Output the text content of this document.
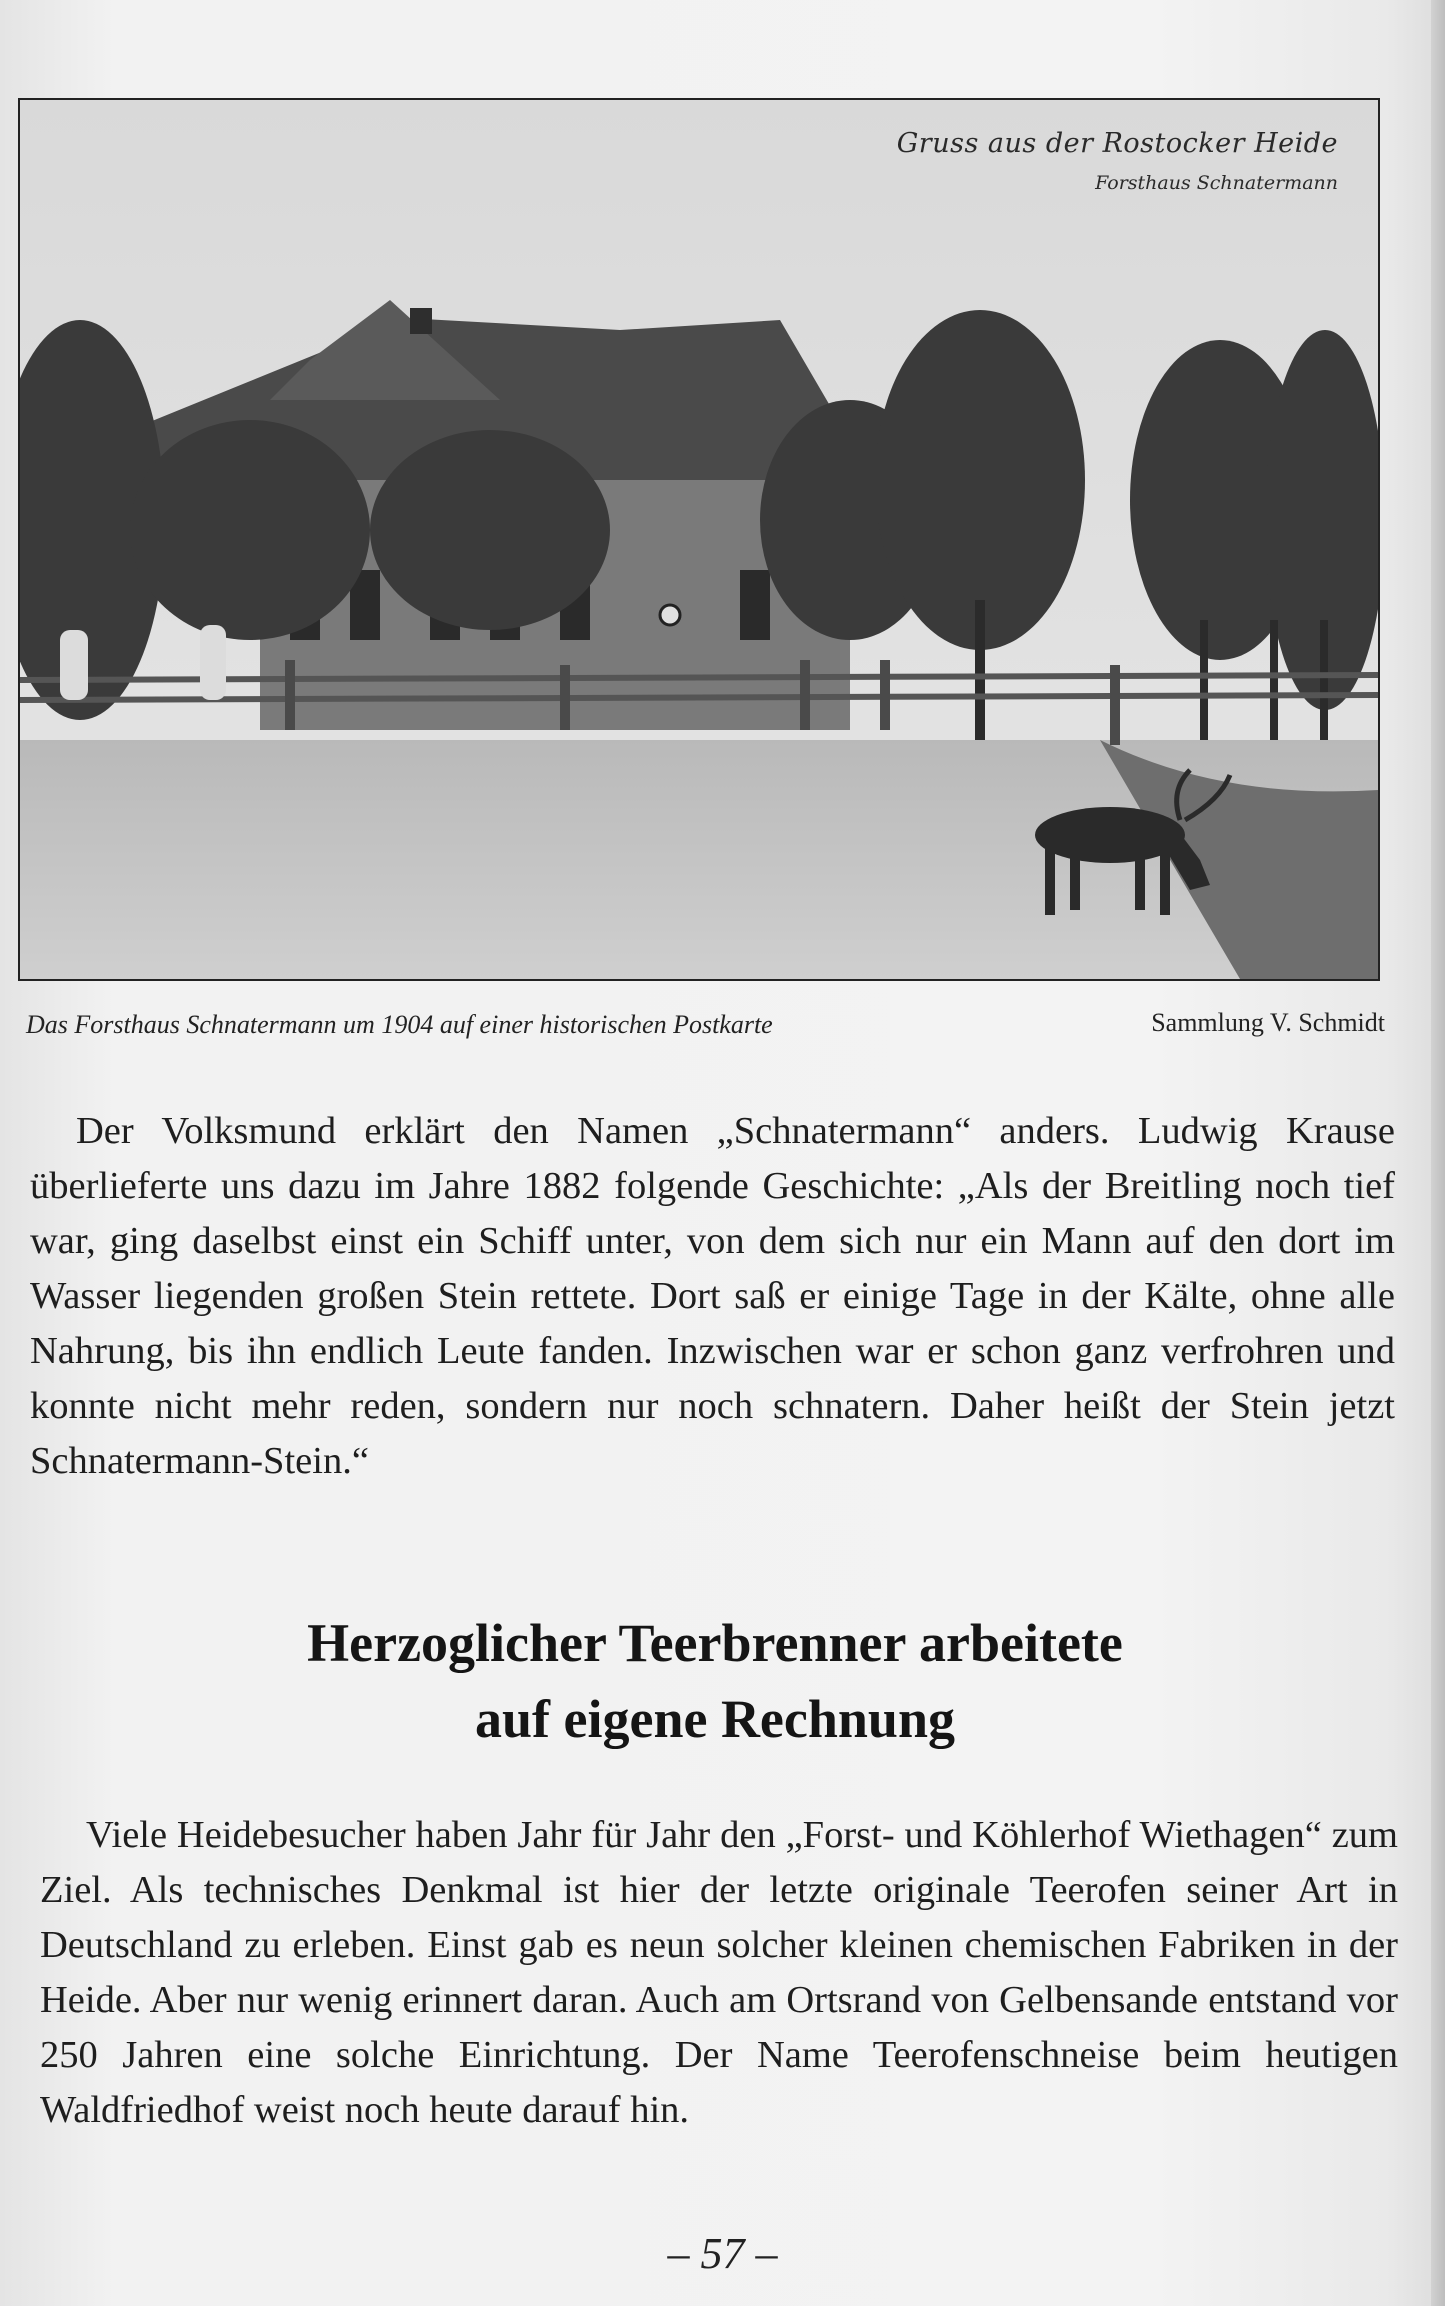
Gruss aus der Rostocker Heide
Forsthaus Schnatermann
Das Forsthaus Schnatermann um 1904 auf einer historischen Postkarte	Sammlung V. Schmidt

Der Volksmund erklärt den Namen „Schnatermann“ anders. Ludwig Krause überlieferte uns dazu im Jahre 1882 folgende Geschichte: „Als der Breitling noch tief war, ging daselbst einst ein Schiff unter, von dem sich nur ein Mann auf den dort im Wasser liegenden großen Stein rettete. Dort saß er einige Tage in der Kälte, ohne alle Nahrung, bis ihn endlich Leute fanden. Inzwischen war er schon ganz verfrohren und konnte nicht mehr reden, sondern nur noch schnatern. Daher heißt der Stein jetzt Schnatermann-Stein.“

Herzoglicher Teerbrenner arbeitete
auf eigene Rechnung

Viele Heidebesucher haben Jahr für Jahr den „Forst- und Köhlerhof Wiethagen“ zum Ziel. Als technisches Denkmal ist hier der letzte originale Teerofen seiner Art in Deutschland zu erleben. Einst gab es neun solcher kleinen chemischen Fabriken in der Heide. Aber nur wenig erinnert daran. Auch am Ortsrand von Gelbensande entstand vor 250 Jahren eine solche Einrichtung. Der Name Teerofenschneise beim heutigen Waldfriedhof weist noch heute darauf hin.

– 57 –
